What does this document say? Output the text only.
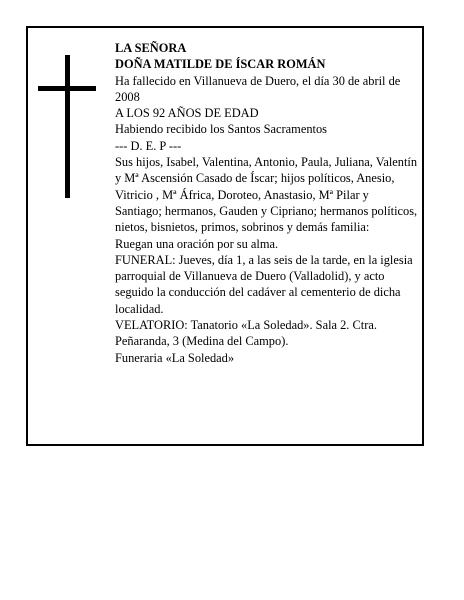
LA SEÑORA

DOÑA MATILDE DE ÍSCAR ROMÁN

Ha fallecido en Villanueva de Duero, el día 30 de abril de 2008

A LOS 92 AÑOS DE EDAD

Habiendo recibido los Santos Sacramentos

--- D. E. P ---

Sus hijos, Isabel, Valentina, Antonio, Paula, Juliana, Valentín y Mª Ascensión Casado de Íscar; hijos políticos, Anesio, Vitricio , Mª África, Doroteo, Anastasio, Mª Pilar y Santiago; hermanos, Gauden y Cipriano; hermanos políticos, nietos, bisnietos, primos, sobrinos y demás familia:

Ruegan una oración por su alma.

FUNERAL: Jueves, día 1, a las seis de la tarde, en la iglesia parroquial de Villanueva de Duero (Valladolid), y acto seguido la conducción del cadáver al cementerio de dicha localidad.

VELATORIO: Tanatorio «La Soledad». Sala 2. Ctra. Peñaranda, 3 (Medina del Campo).

Funeraria «La Soledad»
